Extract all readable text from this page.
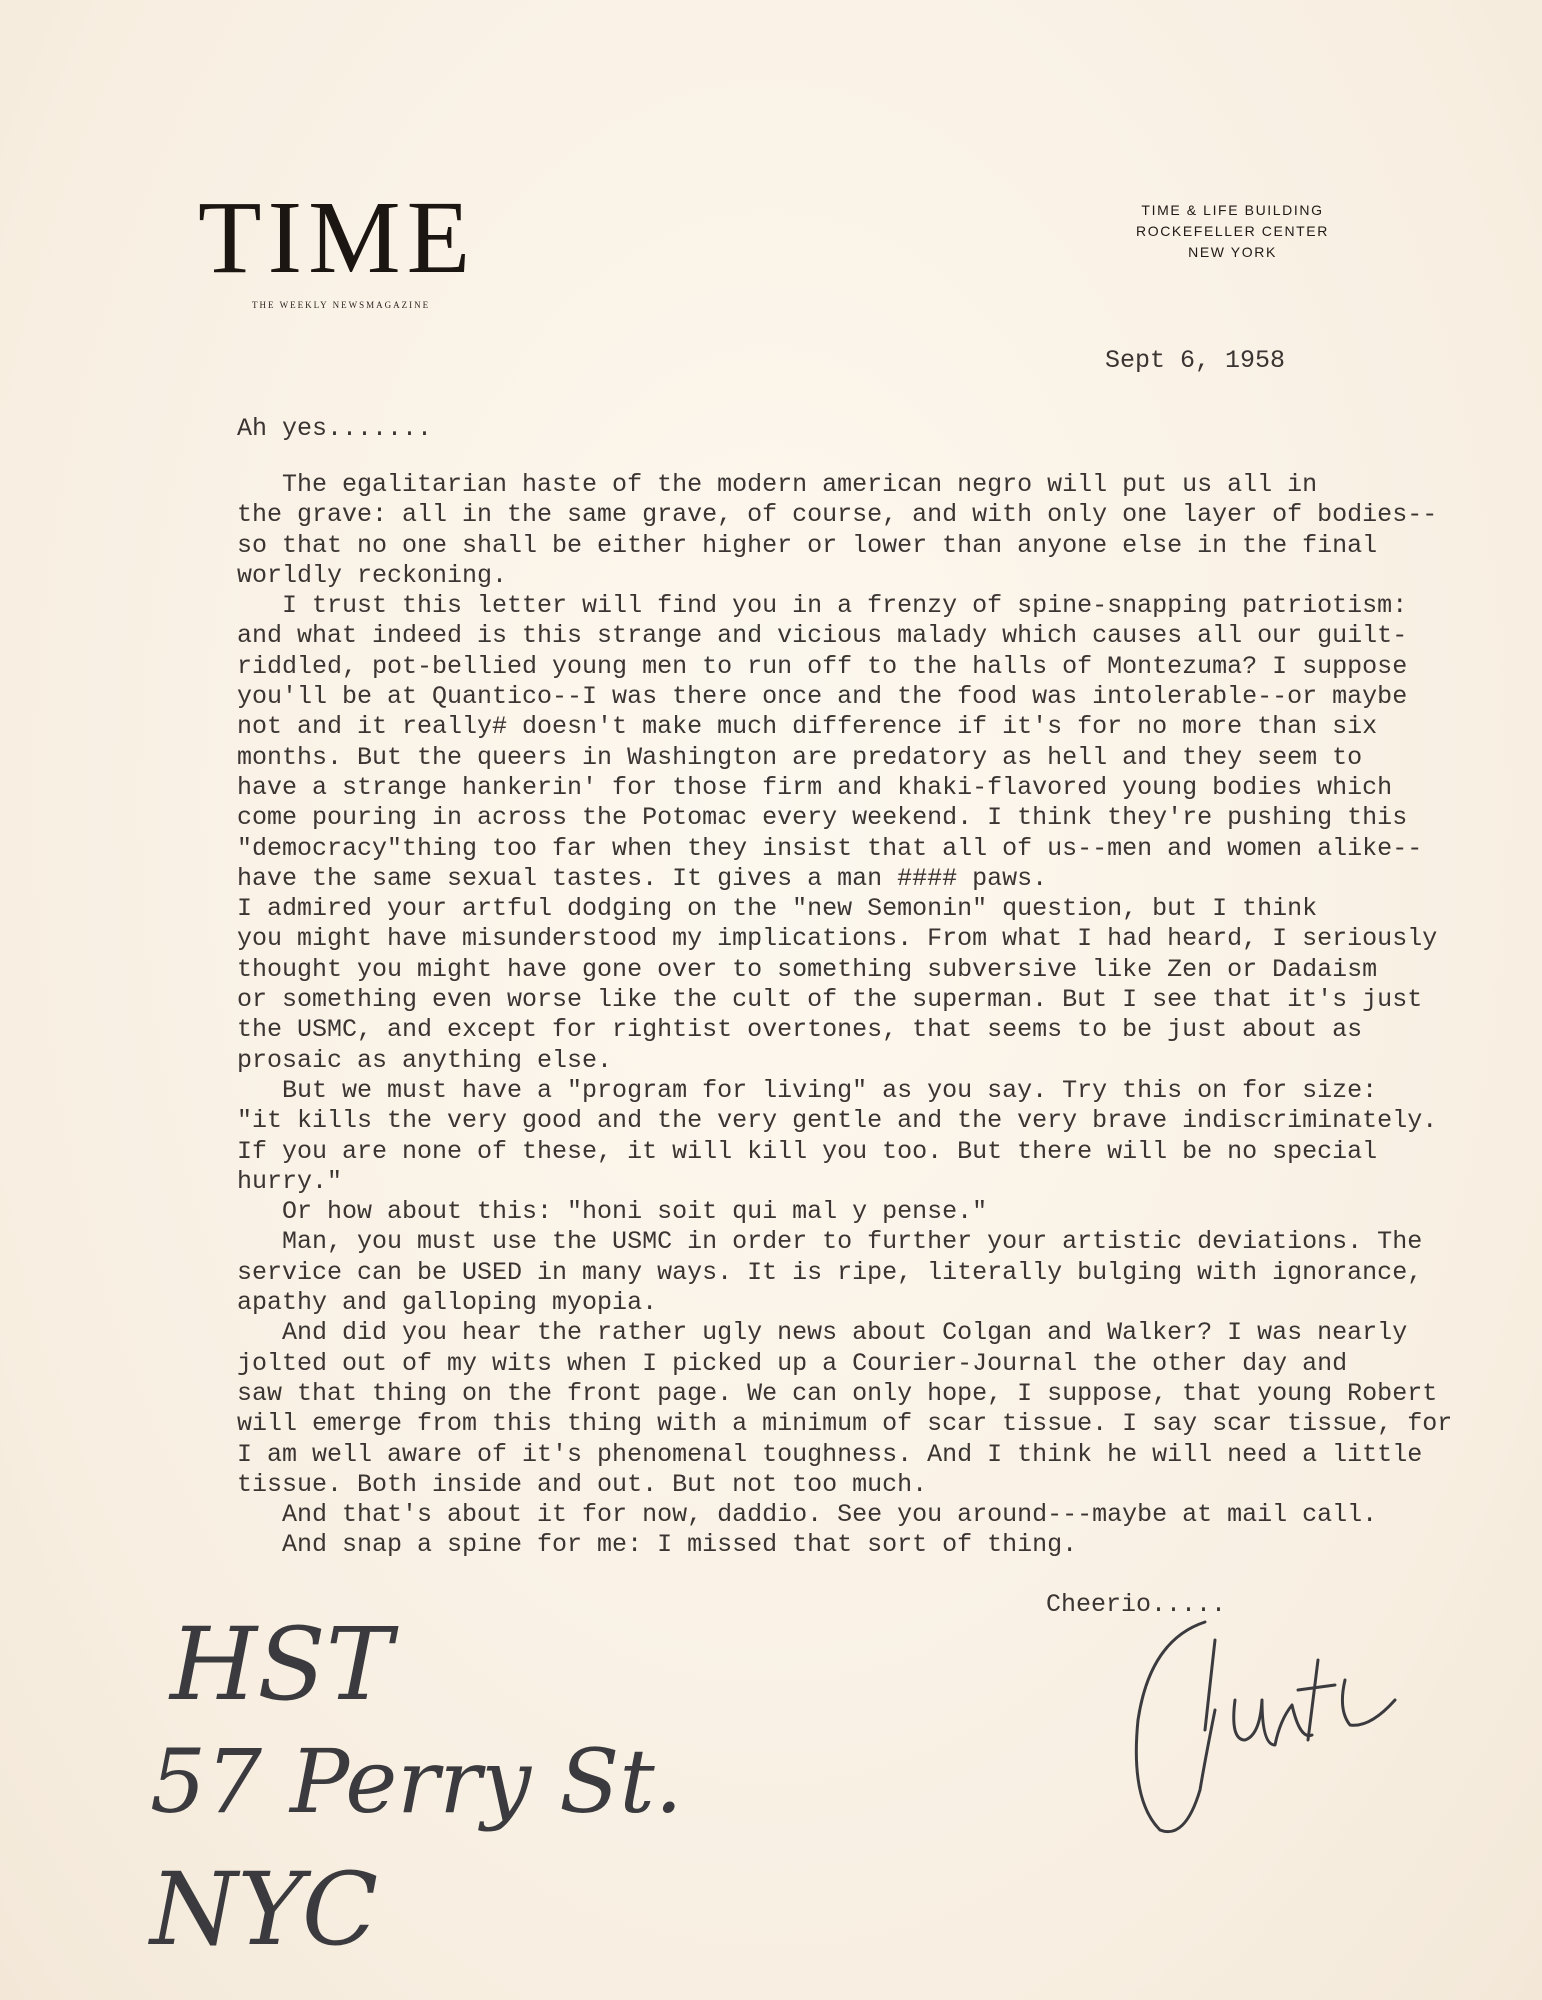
TIME
THE WEEKLY NEWSMAGAZINE
TIME & LIFE BUILDING
ROCKEFELLER CENTER
NEW YORK
Sept 6, 1958
Ah yes.......
The egalitarian haste of the modern american negro will put us all in
the grave: all in the same grave, of course, and with only one layer of bodies--
so that no one shall be either higher or lower than anyone else in the final
worldly reckoning.
I trust this letter will find you in a frenzy of spine-snapping patriotism:
and what indeed is this strange and vicious malady which causes all our guilt-
riddled, pot-bellied young men to run off to the halls of Montezuma? I suppose
you'll be at Quantico--I was there once and the food was intolerable--or maybe
not and it really# doesn't make much difference if it's for no more than six
months. But the queers in Washington are predatory as hell and they seem to
have a strange hankerin' for those firm and khaki-flavored young bodies which
come pouring in across the Potomac every weekend. I think they're pushing this
"democracy"thing too far when they insist that all of us--men and women alike--
have the same sexual tastes. It gives a man #### paws.
I admired your artful dodging on the "new Semonin" question, but I think
you might have misunderstood my implications. From what I had heard, I seriously
thought you might have gone over to something subversive like Zen or Dadaism
or something even worse like the cult of the superman. But I see that it's just
the USMC, and except for rightist overtones, that seems to be just about as
prosaic as anything else.
But we must have a "program for living" as you say. Try this on for size:
"it kills the very good and the very gentle and the very brave indiscriminately.
If you are none of these, it will kill you too. But there will be no special
hurry."
Or how about this: "honi soit qui mal y pense."
Man, you must use the USMC in order to further your artistic deviations. The
service can be USED in many ways. It is ripe, literally bulging with ignorance,
apathy and galloping myopia.
And did you hear the rather ugly news about Colgan and Walker? I was nearly
jolted out of my wits when I picked up a Courier-Journal the other day and
saw that thing on the front page. We can only hope, I suppose, that young Robert
will emerge from this thing with a minimum of scar tissue. I say scar tissue, for
I am well aware of it's phenomenal toughness. And I think he will need a little
tissue. Both inside and out. But not too much.
And that's about it for now, daddio. See you around---maybe at mail call.
And snap a spine for me: I missed that sort of thing.
Cheerio.....
HST
57 Perry St.
NYC
